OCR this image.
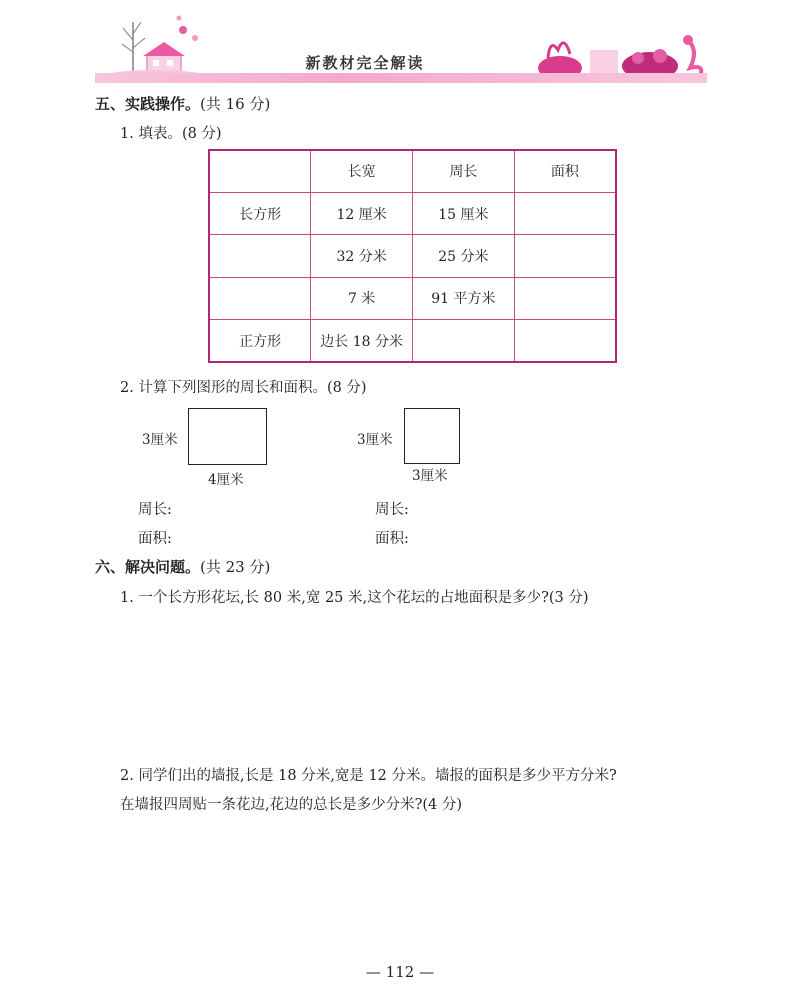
新教材完全解读
五、实践操作。(共 16 分)
1. 填表。(8 分)
	长宽	周长	面积
长方形	12 厘米	15 厘米	
	32 分米	25 分米	
	7 米	91 平方米	
正方形	边长 18 分米		
2. 计算下列图形的周长和面积。(8 分)
3厘米
4厘米
3厘米
3厘米
周长:	周长:
面积:	面积:
六、解决问题。(共 23 分)
1. 一个长方形花坛,长 80 米,宽 25 米,这个花坛的占地面积是多少?(3 分)
2. 同学们出的墙报,长是 18 分米,宽是 12 分米。墙报的面积是多少平方分米?
在墙报四周贴一条花边,花边的总长是多少分米?(4 分)
— 112 —
